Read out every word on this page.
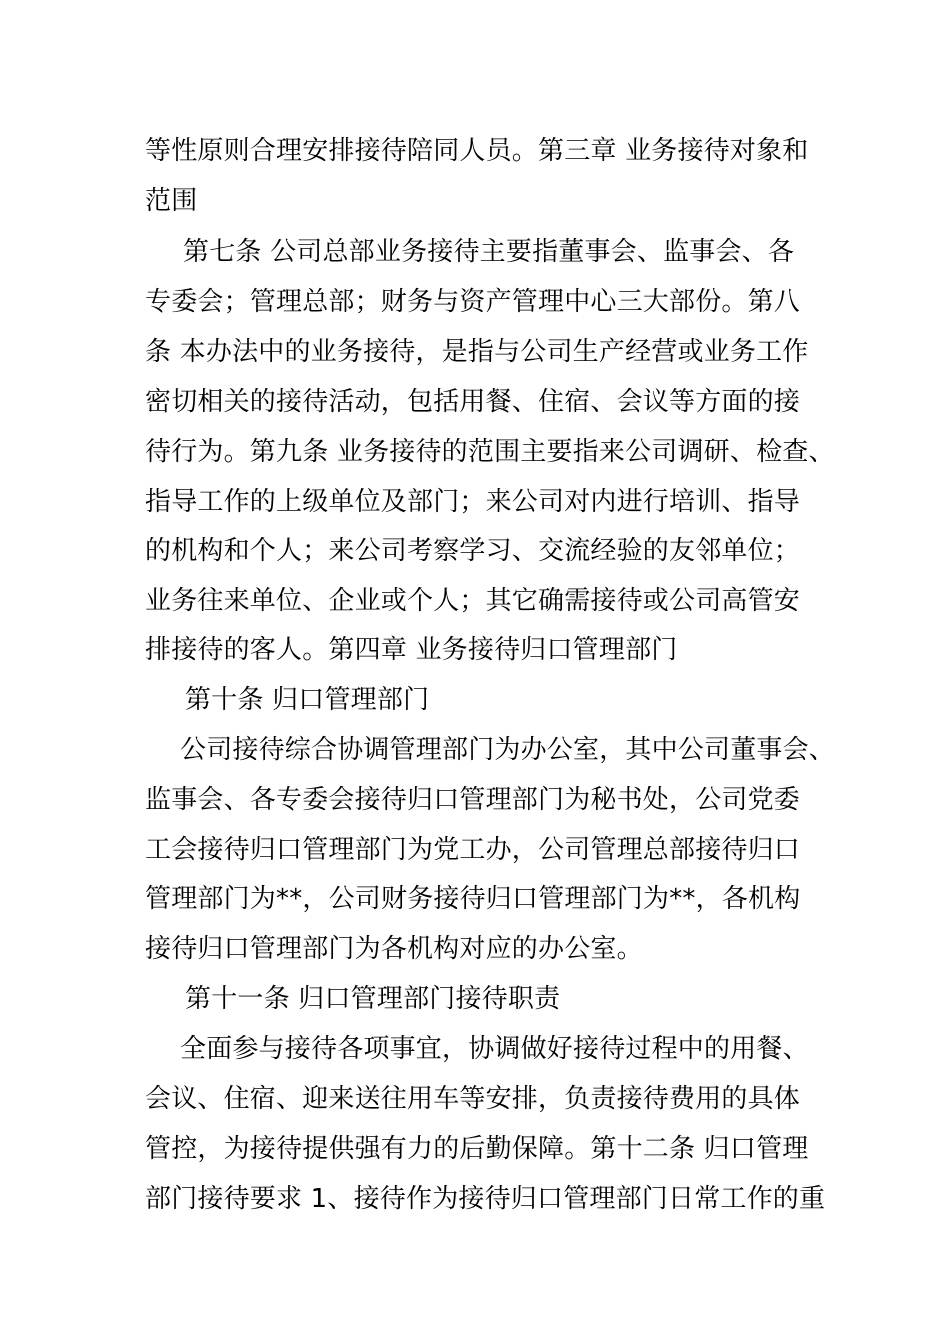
等性原则合理安排接待陪同人员。第三章 业务接待对象和
范围
第七条 公司总部业务接待主要指董事会、监事会、各
专委会；管理总部；财务与资产管理中心三大部份。第八
条 本办法中的业务接待，是指与公司生产经营或业务工作
密切相关的接待活动，包括用餐、住宿、会议等方面的接
待行为。第九条 业务接待的范围主要指来公司调研、检查、
指导工作的上级单位及部门；来公司对内进行培训、指导
的机构和个人；来公司考察学习、交流经验的友邻单位；
业务往来单位、企业或个人；其它确需接待或公司高管安
排接待的客人。第四章 业务接待归口管理部门
第十条 归口管理部门
公司接待综合协调管理部门为办公室，其中公司董事会、
监事会、各专委会接待归口管理部门为秘书处，公司党委
工会接待归口管理部门为党工办，公司管理总部接待归口
管理部门为**，公司财务接待归口管理部门为**，各机构
接待归口管理部门为各机构对应的办公室。
第十一条 归口管理部门接待职责
全面参与接待各项事宜，协调做好接待过程中的用餐、
会议、住宿、迎来送往用车等安排，负责接待费用的具体
管控，为接待提供强有力的后勤保障。第十二条 归口管理
部门接待要求 1、接待作为接待归口管理部门日常工作的重
